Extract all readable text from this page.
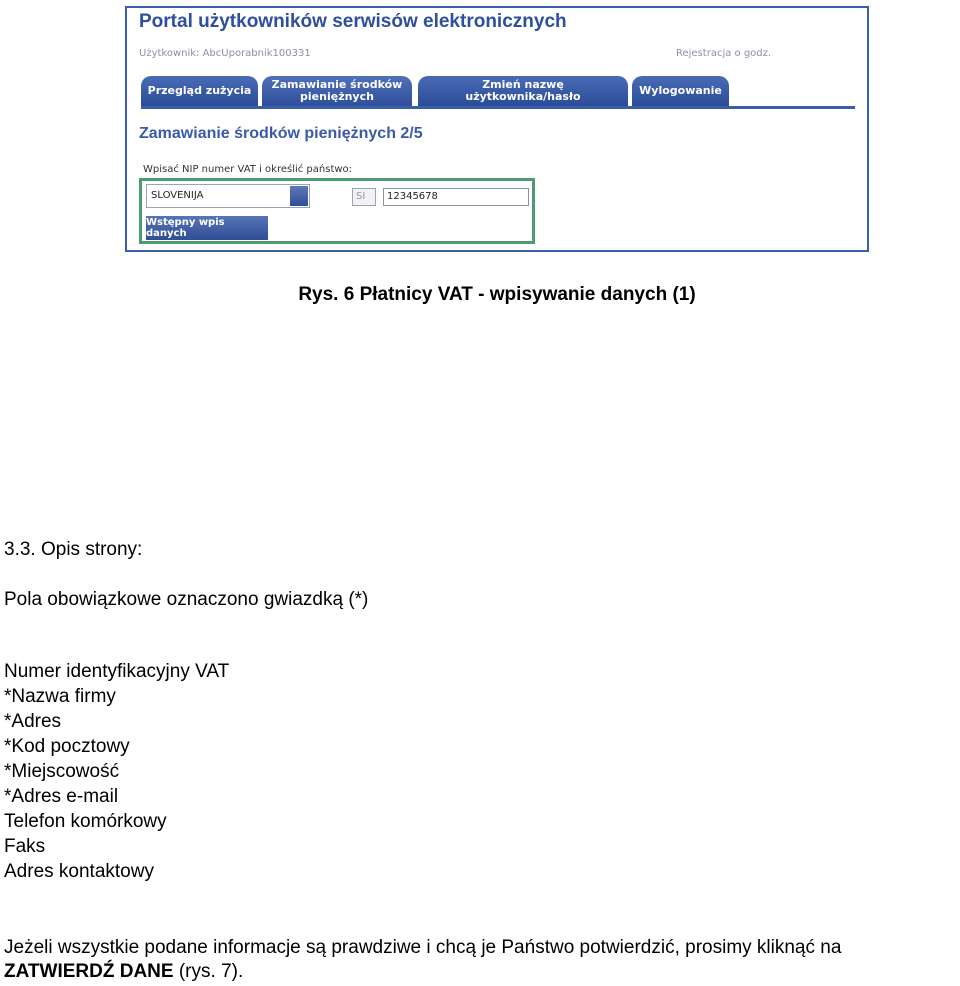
Portal użytkowników serwisów elektronicznych
Użytkownik: AbcUporabnik100331	Rejestracja o godz.
Przegląd zużycia	Zamawianie środków pieniężnych
Zmień nazwę użytkownika/hasło	Wylogowanie
Zamawianie środków pieniężnych 2/5
Wpisać NIP numer VAT i określić państwo:
SLOVENIJA	SI	12345678
Wstępny wpis danych
Rys. 6 Płatnicy VAT - wpisywanie danych (1)
3.3. Opis strony:
Pola obowiązkowe oznaczono gwiazdką (*)
Numer identyfikacyjny VAT
*Nazwa firmy
*Adres
*Kod pocztowy
*Miejscowość
*Adres e-mail
Telefon komórkowy
Faks
Adres kontaktowy
Jeżeli wszystkie podane informacje są prawdziwe i chcą je Państwo potwierdzić, prosimy kliknąć na
ZATWIERDŹ DANE (rys. 7).
